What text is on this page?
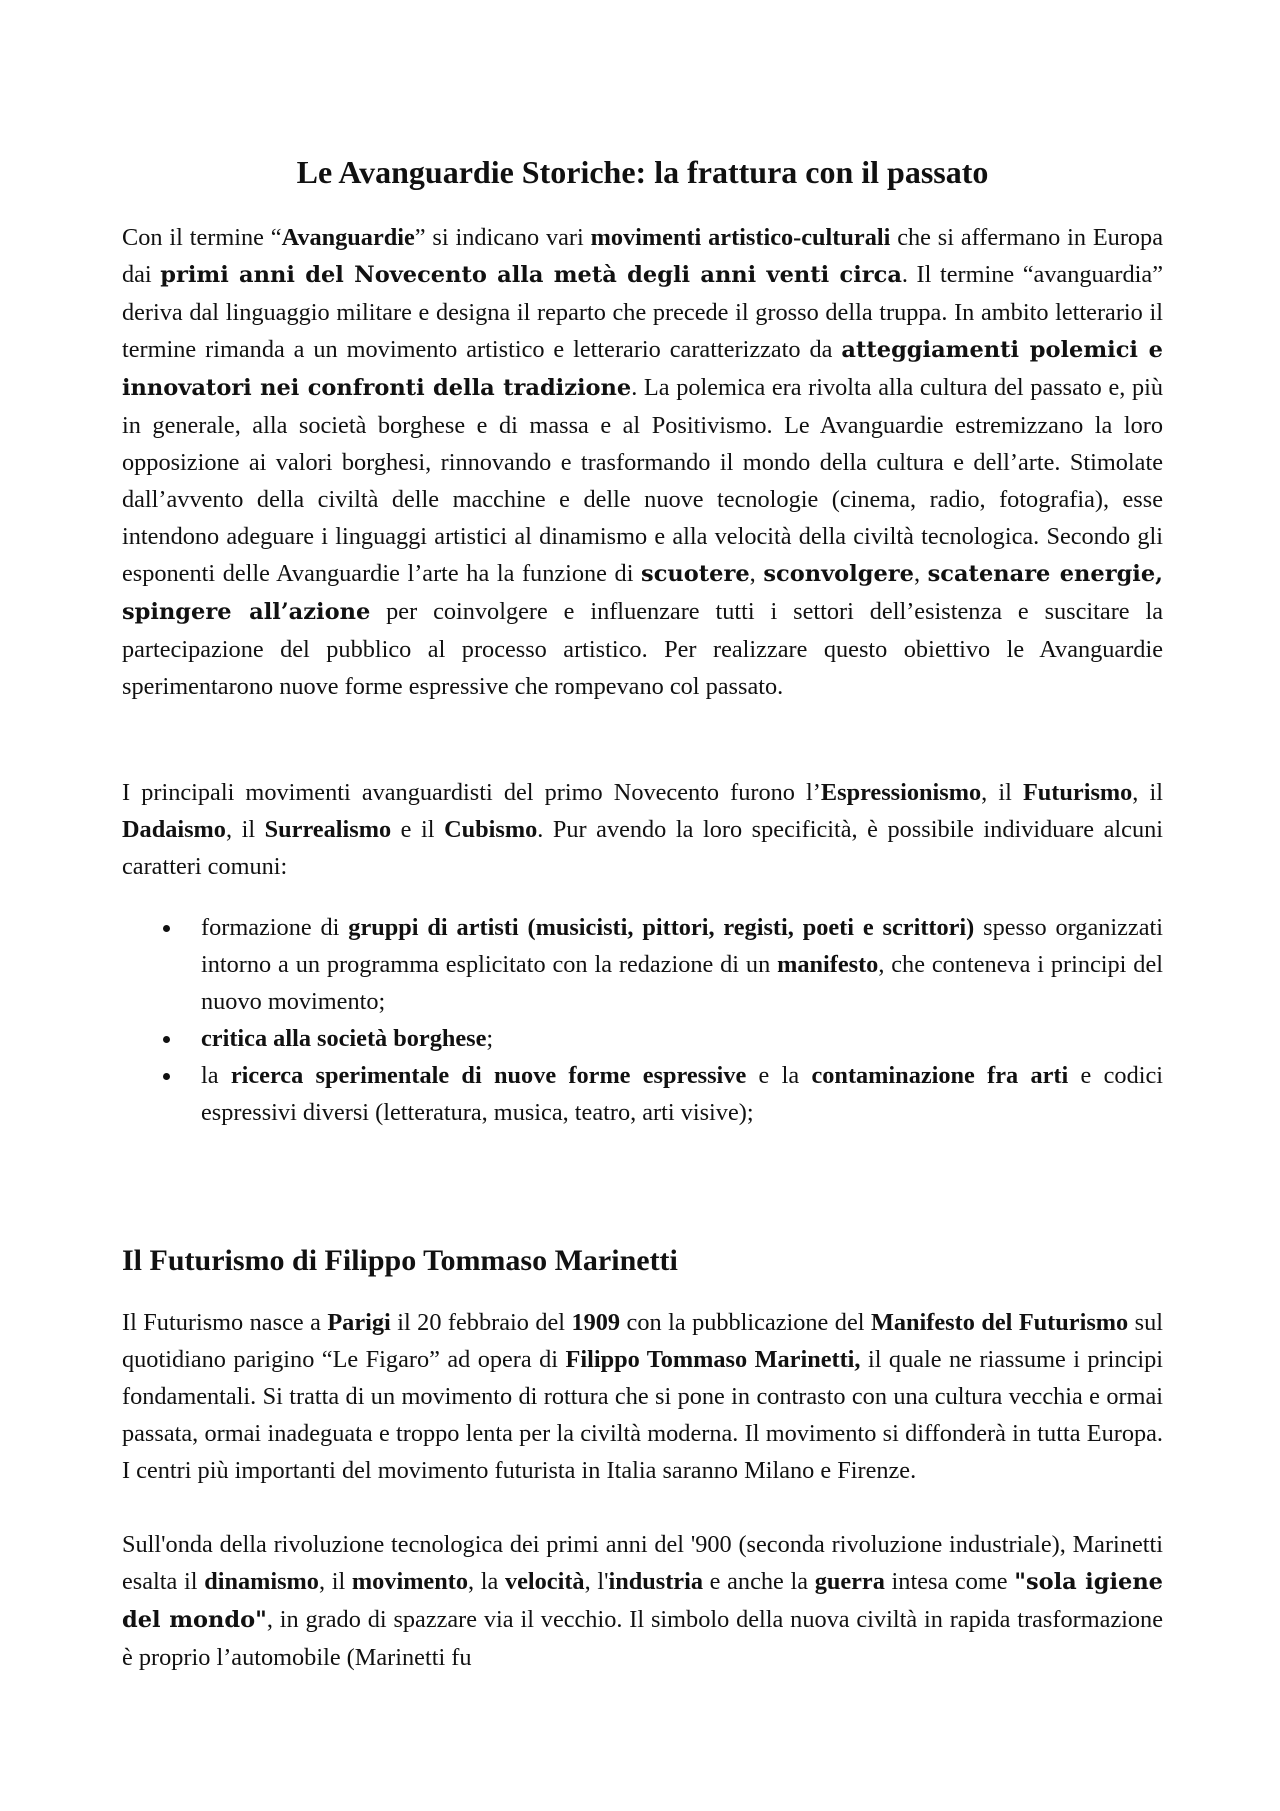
Le Avanguardie Storiche: la frattura con il passato

Con il termine “Avanguardie” si indicano vari movimenti artistico-culturali che si affermano in Europa dai primi anni del Novecento alla metà degli anni venti circa. Il termine “avanguardia” deriva dal linguaggio militare e designa il reparto che precede il grosso della truppa. In ambito letterario il termine rimanda a un movimento artistico e letterario caratterizzato da atteggiamenti polemici e innovatori nei confronti della tradizione. La polemica era rivolta alla cultura del passato e, più in generale, alla società borghese e di massa e al Positivismo. Le Avanguardie estremizzano la loro opposizione ai valori borghesi, rinnovando e trasformando il mondo della cultura e dell’arte. Stimolate dall’avvento della civiltà delle macchine e delle nuove tecnologie (cinema, radio, fotografia), esse intendono adeguare i linguaggi artistici al dinamismo e alla velocità della civiltà tecnologica. Secondo gli esponenti delle Avanguardie l’arte ha la funzione di scuotere, sconvolgere, scatenare energie, spingere all’azione per coinvolgere e influenzare tutti i settori dell’esistenza e suscitare la partecipazione del pubblico al processo artistico. Per realizzare questo obiettivo le Avanguardie sperimentarono nuove forme espressive che rompevano col passato.

I principali movimenti avanguardisti del primo Novecento furono l’Espressionismo, il Futurismo, il Dadaismo, il Surrealismo e il Cubismo. Pur avendo la loro specificità, è possibile individuare alcuni caratteri comuni:

formazione di gruppi di artisti (musicisti, pittori, registi, poeti e scrittori) spesso organizzati intorno a un programma esplicitato con la redazione di un manifesto, che conteneva i principi del nuovo movimento;
critica alla società borghese;
la ricerca sperimentale di nuove forme espressive e la contaminazione fra arti e codici espressivi diversi (letteratura, musica, teatro, arti visive);
Il Futurismo di Filippo Tommaso Marinetti

Il Futurismo nasce a Parigi il 20 febbraio del 1909 con la pubblicazione del Manifesto del Futurismo sul quotidiano parigino “Le Figaro” ad opera di Filippo Tommaso Marinetti, il quale ne riassume i principi fondamentali. Si tratta di un movimento di rottura che si pone in contrasto con una cultura vecchia e ormai passata, ormai inadeguata e troppo lenta per la civiltà moderna. Il movimento si diffonderà in tutta Europa. I centri più importanti del movimento futurista in Italia saranno Milano e Firenze.

Sull'onda della rivoluzione tecnologica dei primi anni del '900 (seconda rivoluzione industriale), Marinetti esalta il dinamismo, il movimento, la velocità, l'industria e anche la guerra intesa come "sola igiene del mondo", in grado di spazzare via il vecchio. Il simbolo della nuova civiltà in rapida trasformazione è proprio l’automobile (Marinetti fu
